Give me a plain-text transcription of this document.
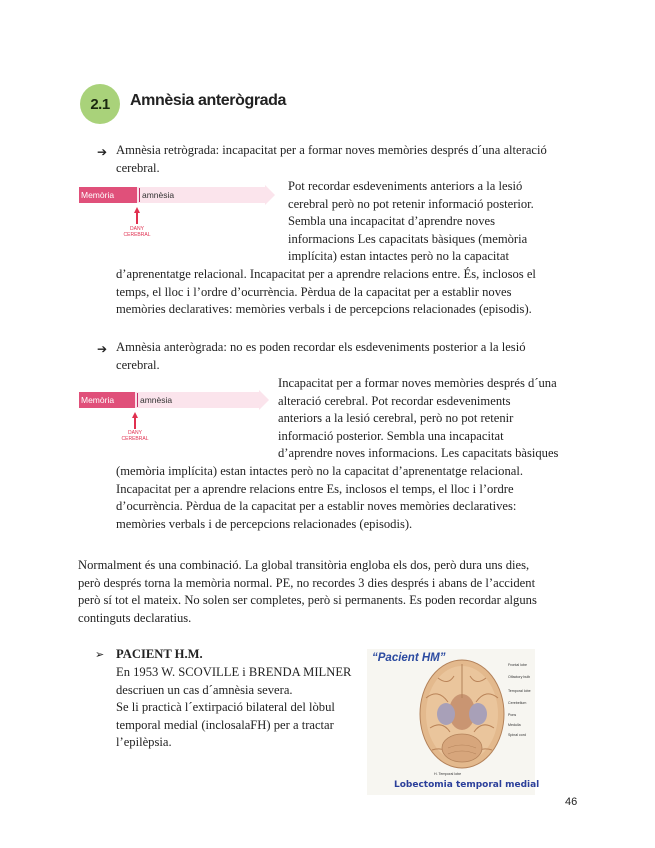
2.1	Amnèsia anterògrada
➔ Amnèsia retrògrada: incapacitat per a formar noves memòries després d´una alteració
cerebral.
Memòria normal
amnèsia
DANY
CEREBRAL
Pot recordar esdeveniments anteriors a la lesió
cerebral però no pot retenir informació posterior.
Sembla una incapacitat d’aprendre noves
informacions Les capacitats bàsiques (memòria
implícita) estan intactes però no la capacitat
d’aprenentatge relacional. Incapacitat per a aprendre relacions entre. És, inclosos el
temps, el lloc i l’ordre d’ocurrència. Pèrdua de la capacitat per a establir noves
memòries declaratives: memòries verbals i de percepcions relacionades (episodis).
➔ Amnèsia anterògrada: no es poden recordar els esdeveniments posterior a la lesió
cerebral.
Memòria normal
amnèsia
DANY
CEREBRAL
Incapacitat per a formar noves memòries després d´una
alteració cerebral. Pot recordar esdeveniments
anteriors a la lesió cerebral, però no pot retenir
informació posterior. Sembla una incapacitat
d’aprendre noves informacions. Les capacitats bàsiques
(memòria implícita) estan intactes però no la capacitat d’aprenentatge relacional.
Incapacitat per a aprendre relacions entre Es, inclosos el temps, el lloc i l’ordre
d’ocurrència. Pèrdua de la capacitat per a establir noves memòries declaratives:
memòries verbals i de percepcions relacionades (episodis).
Normalment és una combinació. La global transitòria engloba els dos, però dura uns dies,
però després torna la memòria normal. PE, no recordes 3 dies després i abans de l’accident
però sí tot el mateix. No solen ser completes, però si permanents. Es poden recordar alguns
continguts declaratius.
➢ PACIENT H.M.
En 1953 W. SCOVILLE i BRENDA MILNER
descriuen un cas d´amnèsia severa.
Se li practicà l´extirpació bilateral del lòbul
temporal medial (inclosalaFH) per a tractar
l’epilèpsia.
Frontal lobe
Olfactory bulb
Temporal lobe
Cerebellum
Pons
Medulla
Spinal cord
H. Temporal lobe
“Pacient HM”
Lobectomia temporal medial
46
